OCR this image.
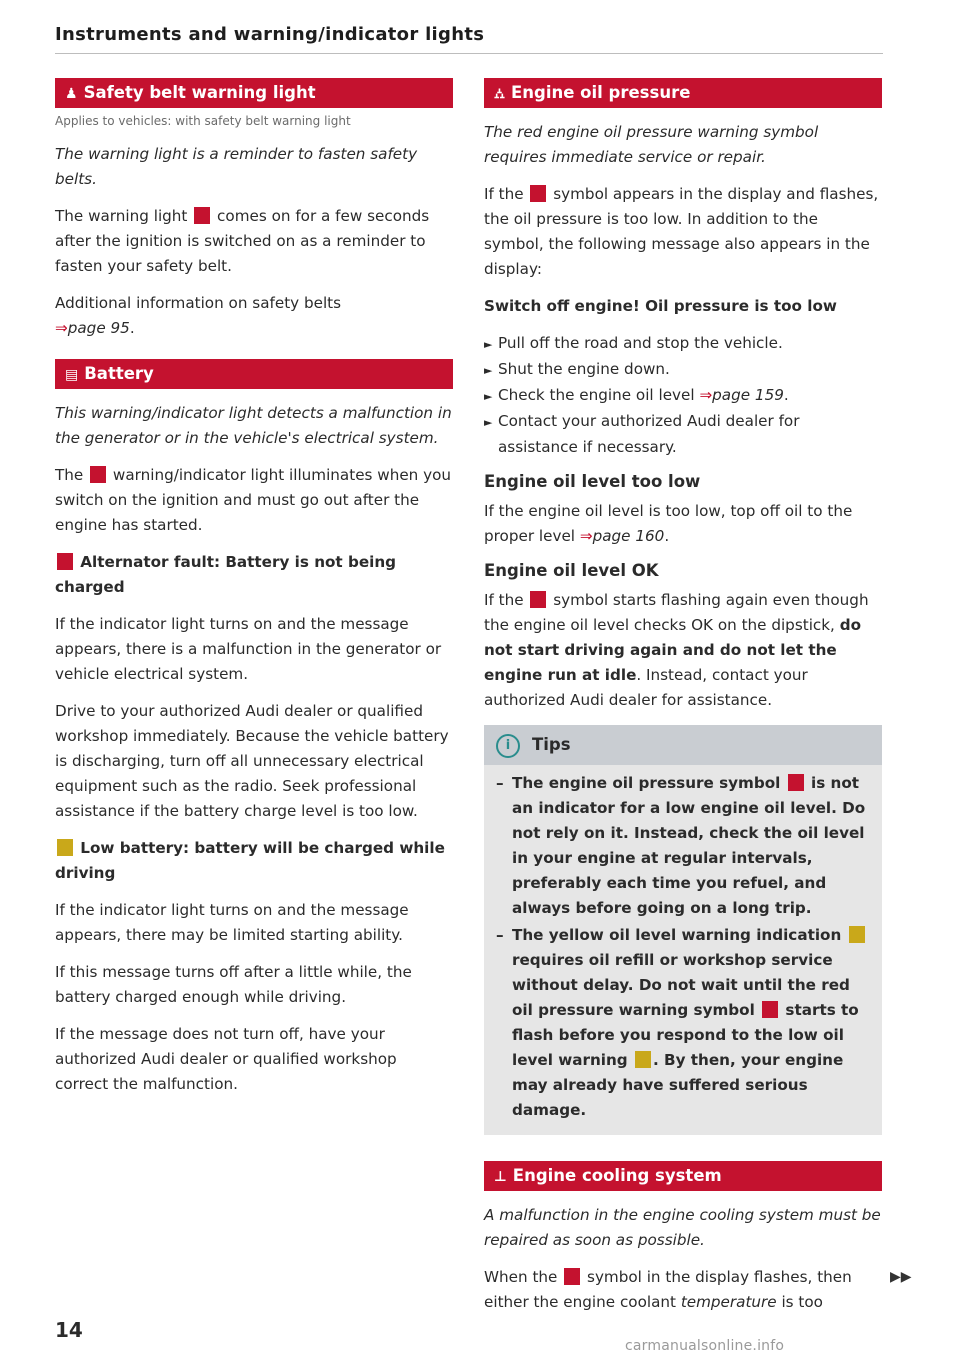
Instruments and warning/indicator lights
♟ Safety belt warning light
Applies to vehicles: with safety belt warning light

The warning light is a reminder to fasten safety belts.

The warning light comes on for a few seconds after the ignition is switched on as a reminder to fasten your safety belt.

Additional information on safety belts
⇒page 95.

▤ Battery

This warning/indicator light detects a malfunction in the generator or in the vehicle's electrical system.

The warning/indicator light illuminates when you switch on the ignition and must go out after the engine has started.

Alternator fault: Battery is not being charged

If the indicator light turns on and the message appears, there is a malfunction in the generator or vehicle electrical system.

Drive to your authorized Audi dealer or qualified workshop immediately. Because the vehicle battery is discharging, turn off all unnecessary electrical equipment such as the radio. Seek professional assistance if the battery charge level is too low.

Low battery: battery will be charged while driving

If the indicator light turns on and the message appears, there may be limited starting ability.

If this message turns off after a little while, the battery charged enough while driving.

If the message does not turn off, have your authorized Audi dealer or qualified workshop correct the malfunction.

⛼ Engine oil pressure

The red engine oil pressure warning symbol requires immediate service or repair.

If the symbol appears in the display and flashes, the oil pressure is too low. In addition to the symbol, the following message also appears in the display:

Switch off engine! Oil pressure is too low
► Pull off the road and stop the vehicle.
► Shut the engine down.
► Check the engine oil level ⇒page 159.
► Contact your authorized Audi dealer for assistance if necessary.
Engine oil level too low

If the engine oil level is too low, top off oil to the proper level ⇒page 160.

Engine oil level OK

If the symbol starts flashing again even though the engine oil level checks OK on the dipstick, do not start driving again and do not let the engine run at idle. Instead, contact your authorized Audi dealer for assistance.

i Tips
– The engine oil pressure symbol is not an indicator for a low engine oil level. Do not rely on it. Instead, check the oil level in your engine at regular intervals, preferably each time you refuel, and always before going on a long trip.
– The yellow oil level warning indication  requires oil refill or workshop service without delay. Do not wait until the red oil pressure warning symbol starts to flash before you respond to the low oil level warning . By then, your engine may already have suffered serious damage.
⊥ Engine cooling system

A malfunction in the engine cooling system must be repaired as soon as possible.

When the symbol in the display flashes, then either the engine coolant temperature is too

▶▶
14
carmanualsonline.info
